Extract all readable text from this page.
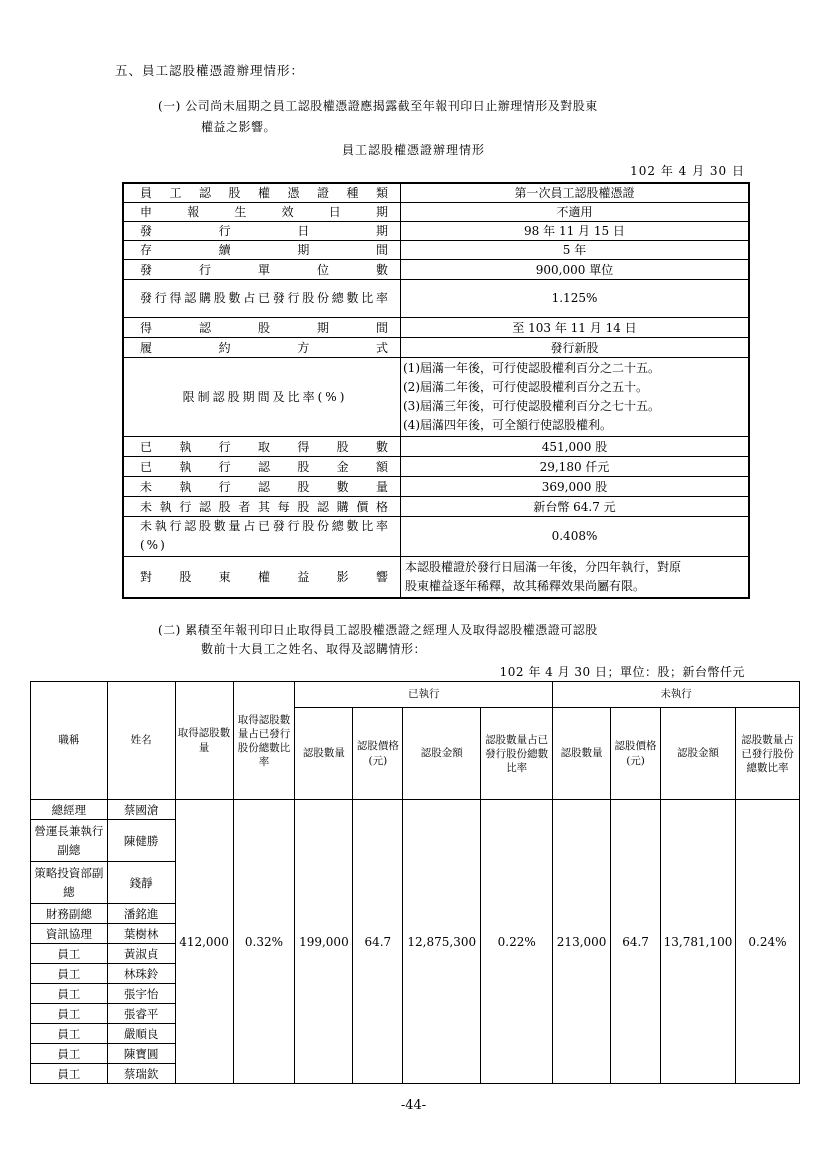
五、員工認股權憑證辦理情形：
(一) 公司尚未屆期之員工認股權憑證應揭露截至年報刊印日止辦理情形及對股東
權益之影響。
員工認股權憑證辦理情形
102 年 4 月 30 日
員工認股權憑證種類	第一次員工認股權憑證
申報生效日期	不適用
發行日期	98 年 11 月 15 日
存續期間	5 年
發行單位數	900,000 單位
發行得認購股數占已發行股份總數比率	1.125%
得認股期間	至 103 年 11 月 14 日
履約方式	發行新股
限制認股期間及比率(%)	(1)屆滿一年後，可行使認股權利百分之二十五。
(2)屆滿二年後，可行使認股權利百分之五十。
(3)屆滿三年後，可行使認股權利百分之七十五。
(4)屆滿四年後，可全額行使認股權利。

已執行取得股數	451,000 股
已執行認股金額	29,180 仟元
未執行認股數量	369,000 股
未執行認股者其每股認購價格	新台幣 64.7 元
未執行認股數量占已發行股份總數比率(%)	0.408%
對股東權益影響	本認股權證於發行日屆滿一年後，分四年執行，對原
股東權益逐年稀釋，故其稀釋效果尚屬有限。
(二) 累積至年報刊印日止取得員工認股權憑證之經理人及取得認股權憑證可認股
數前十大員工之姓名、取得及認購情形：
102 年 4 月 30 日；單位：股；新台幣仟元
職稱	姓名	取得認股數量	取得認股數量占已發行股份總數比率	已執行				未執行			
				認股數量	認股價格(元)	認股金額	認股數量占已發行股份總數比率	認股數量	認股價格(元)	認股金額	認股數量占已發行股份總數比率
總經理	蔡國滄	412,000	0.32%	199,000	64.7	12,875,300	0.22%	213,000	64.7	13,781,100	0.24%
營運長兼執行副總	陳健勝										
策略投資部副總	錢靜										
財務副總	潘銘進										
資訊協理	葉樹林										
員工	黃淑貞										
員工	林珠鈴										
員工	張宇怡										
員工	張睿平										
員工	嚴順良										
員工	陳寶圓										
員工	蔡瑞欽										
-44-
